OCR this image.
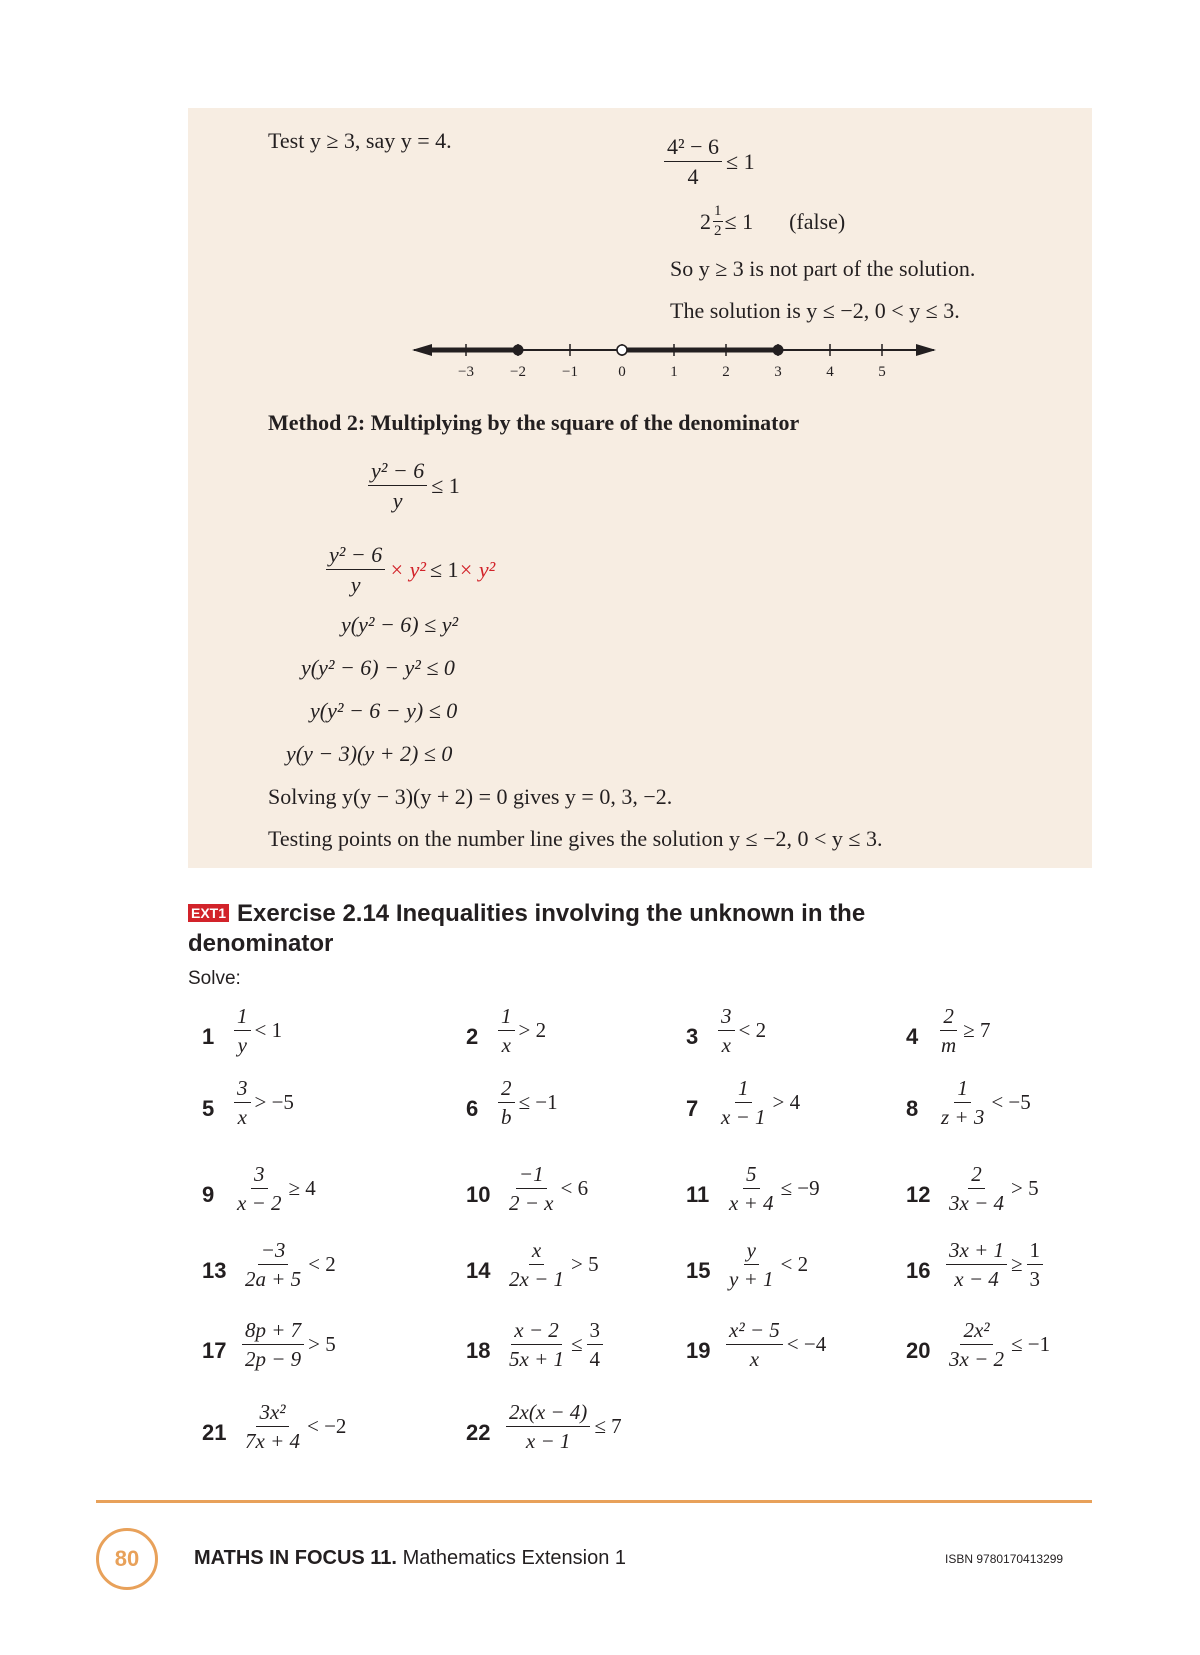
Test y ≥ 3, say y = 4.	$\frac{\text{4² − 6}}{4} \le 1$
$2 \frac{1}{2} \le 1$ (false)
So y ≥ 3 is not part of the solution.
The solution is y ≤ −2, 0 < y ≤ 3.
−3 −2 −1	0	1	2	3	4	5
Method 2: Multiplying by the square of the denominator
$\frac{\text{y² − 6}}{y} \le 1$
$\frac{\text{y² − 6}}{y} \times y^2 \le 1 \times y^2$
y(y² − 6) ≤ y²
y(y² − 6) − y² ≤ 0
y(y² − 6 − y) ≤ 0
y(y − 3)(y + 2) ≤ 0
Solving y(y − 3)(y + 2) = 0 gives y = 0, 3, −2.
Testing points on the number line gives the solution y ≤ −2, 0 < y ≤ 3.
EXT1 Exercise 2.14 Inequalities involving the unknown in the
denominator
Solve:
$1 \frac{1}{y} < 1$	$2 \frac{1}{x} > 2$	$3 \frac{3}{x} < 2$	$4 \frac{2}{m} \ge 7$
$5 \frac{3}{x} > -5$	$6 \frac{2}{b} \le -1$	$7 \frac{1}{x - 1} > 4$	$8 \frac{1}{z + 3} < -5$
$9 \frac{3}{x - 2} \ge 4$	$10 \frac{-1}{2 - x} < 6$	$11 \frac{5}{x + 4} \le -9$	$12 \frac{2}{3x - 4} > 5$
$13 \frac{-3}{2a + 5} < 2$	$14 \frac{x}{2x - 1} > 5$	$15 \frac{y}{y + 1} < 2$	$16 \frac{3x + 1}{x - 4} \ge \frac{1}{3}$
$17 \frac{8p + 7}{2p - 9} > 5$	$18 \frac{x - 2}{5x + 1} \le \frac{3}{4}$	$19 \frac{\text{x² − 5}}{x} < -4$	$20 \frac{\text{2x²}}{3x - 2} \le -1$
$21 \frac{\text{3x²}}{7x + 4} < -2$	$22 \frac{2x(x - 4)}{x - 1} \le 7$
80	MATHS IN FOCUS 11. Mathematics Extension 1	ISBN 9780170413299
